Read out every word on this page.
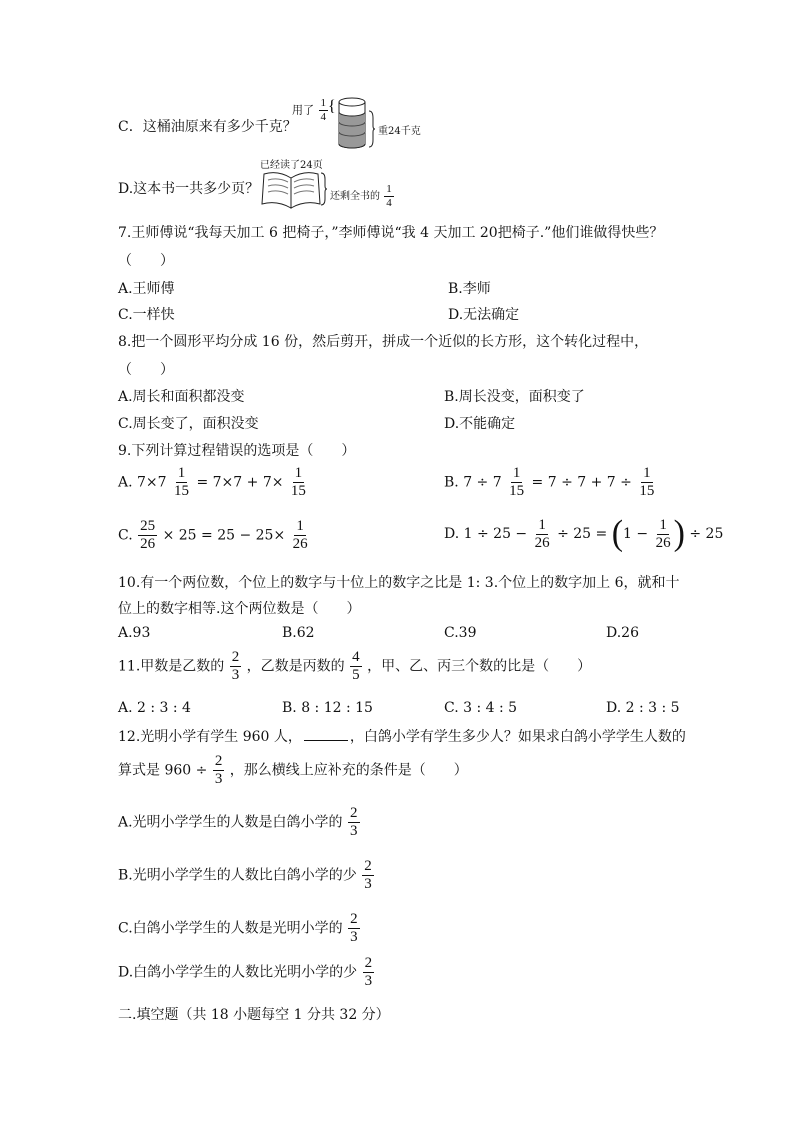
C．这桶油原来有多少千克？
用了 $\frac{1}{4}$ {
重24千克
D.这本书一共多少页？
已经读了24页
还剩全书的 $\frac{1}{4}$
7.王师傅说“我每天加工 6 把椅子，”李师傅说“我 4 天加工 20把椅子.”他们谁做得快些？
（　　）
A.王师傅	B.李师
C.一样快	D.无法确定
8.把一个圆形平均分成 16 份，然后剪开，拼成一个近似的长方形，这个转化过程中，
（　　）
A.周长和面积都没变	B.周长没变，面积变了
C.周长变了，面积没变	D.不能确定
9.下列计算过程错误的选项是（　　）
A. $7\times 7 \frac{1}{15} = 7\times 7 + 7\times \frac{1}{15}$	B. $7 \div 7 \frac{1}{15} = 7 \div 7 + 7 \div \frac{1}{15}$
C. $\frac{25}{26} \times 25 = 25 - 25\times \frac{1}{26}$	D. $1 \div 25 - \frac{1}{26} \div 25 = (1 - \frac{1}{26}$ ) ÷ 25
10.有一个两位数，个位上的数字与十位上的数字之比是 1: 3.个位上的数字加上 6，就和十
位上的数字相等.这个两位数是（　　）
A.93	B.62	C.39	D.26
11.甲数是乙数的 $\frac{2}{3}$ ，乙数是丙数的 $\frac{4}{5}$ ，甲、乙、丙三个数的比是（　　）
A. 2 : 3 : 4	B. 8 : 12 : 15	C. 3 : 4 : 5	D. 2 : 3 : 5
12.光明小学有学生 960 人，	，白鸽小学有学生多少人？如果求白鸽小学学生人数的
算式是 $960 \div \frac{2}{3}$ ，那么横线上应补充的条件是（　　）
A.光明小学学生的人数是白鸽小学的 $\frac{2}{3}$
B.光明小学学生的人数比白鸽小学的少 $\frac{2}{3}$
C.白鸽小学学生的人数是光明小学的 $\frac{2}{3}$
D.白鸽小学学生的人数比光明小学的少 $\frac{2}{3}$
二.填空题（共 18 小题每空 1 分共 32 分）
